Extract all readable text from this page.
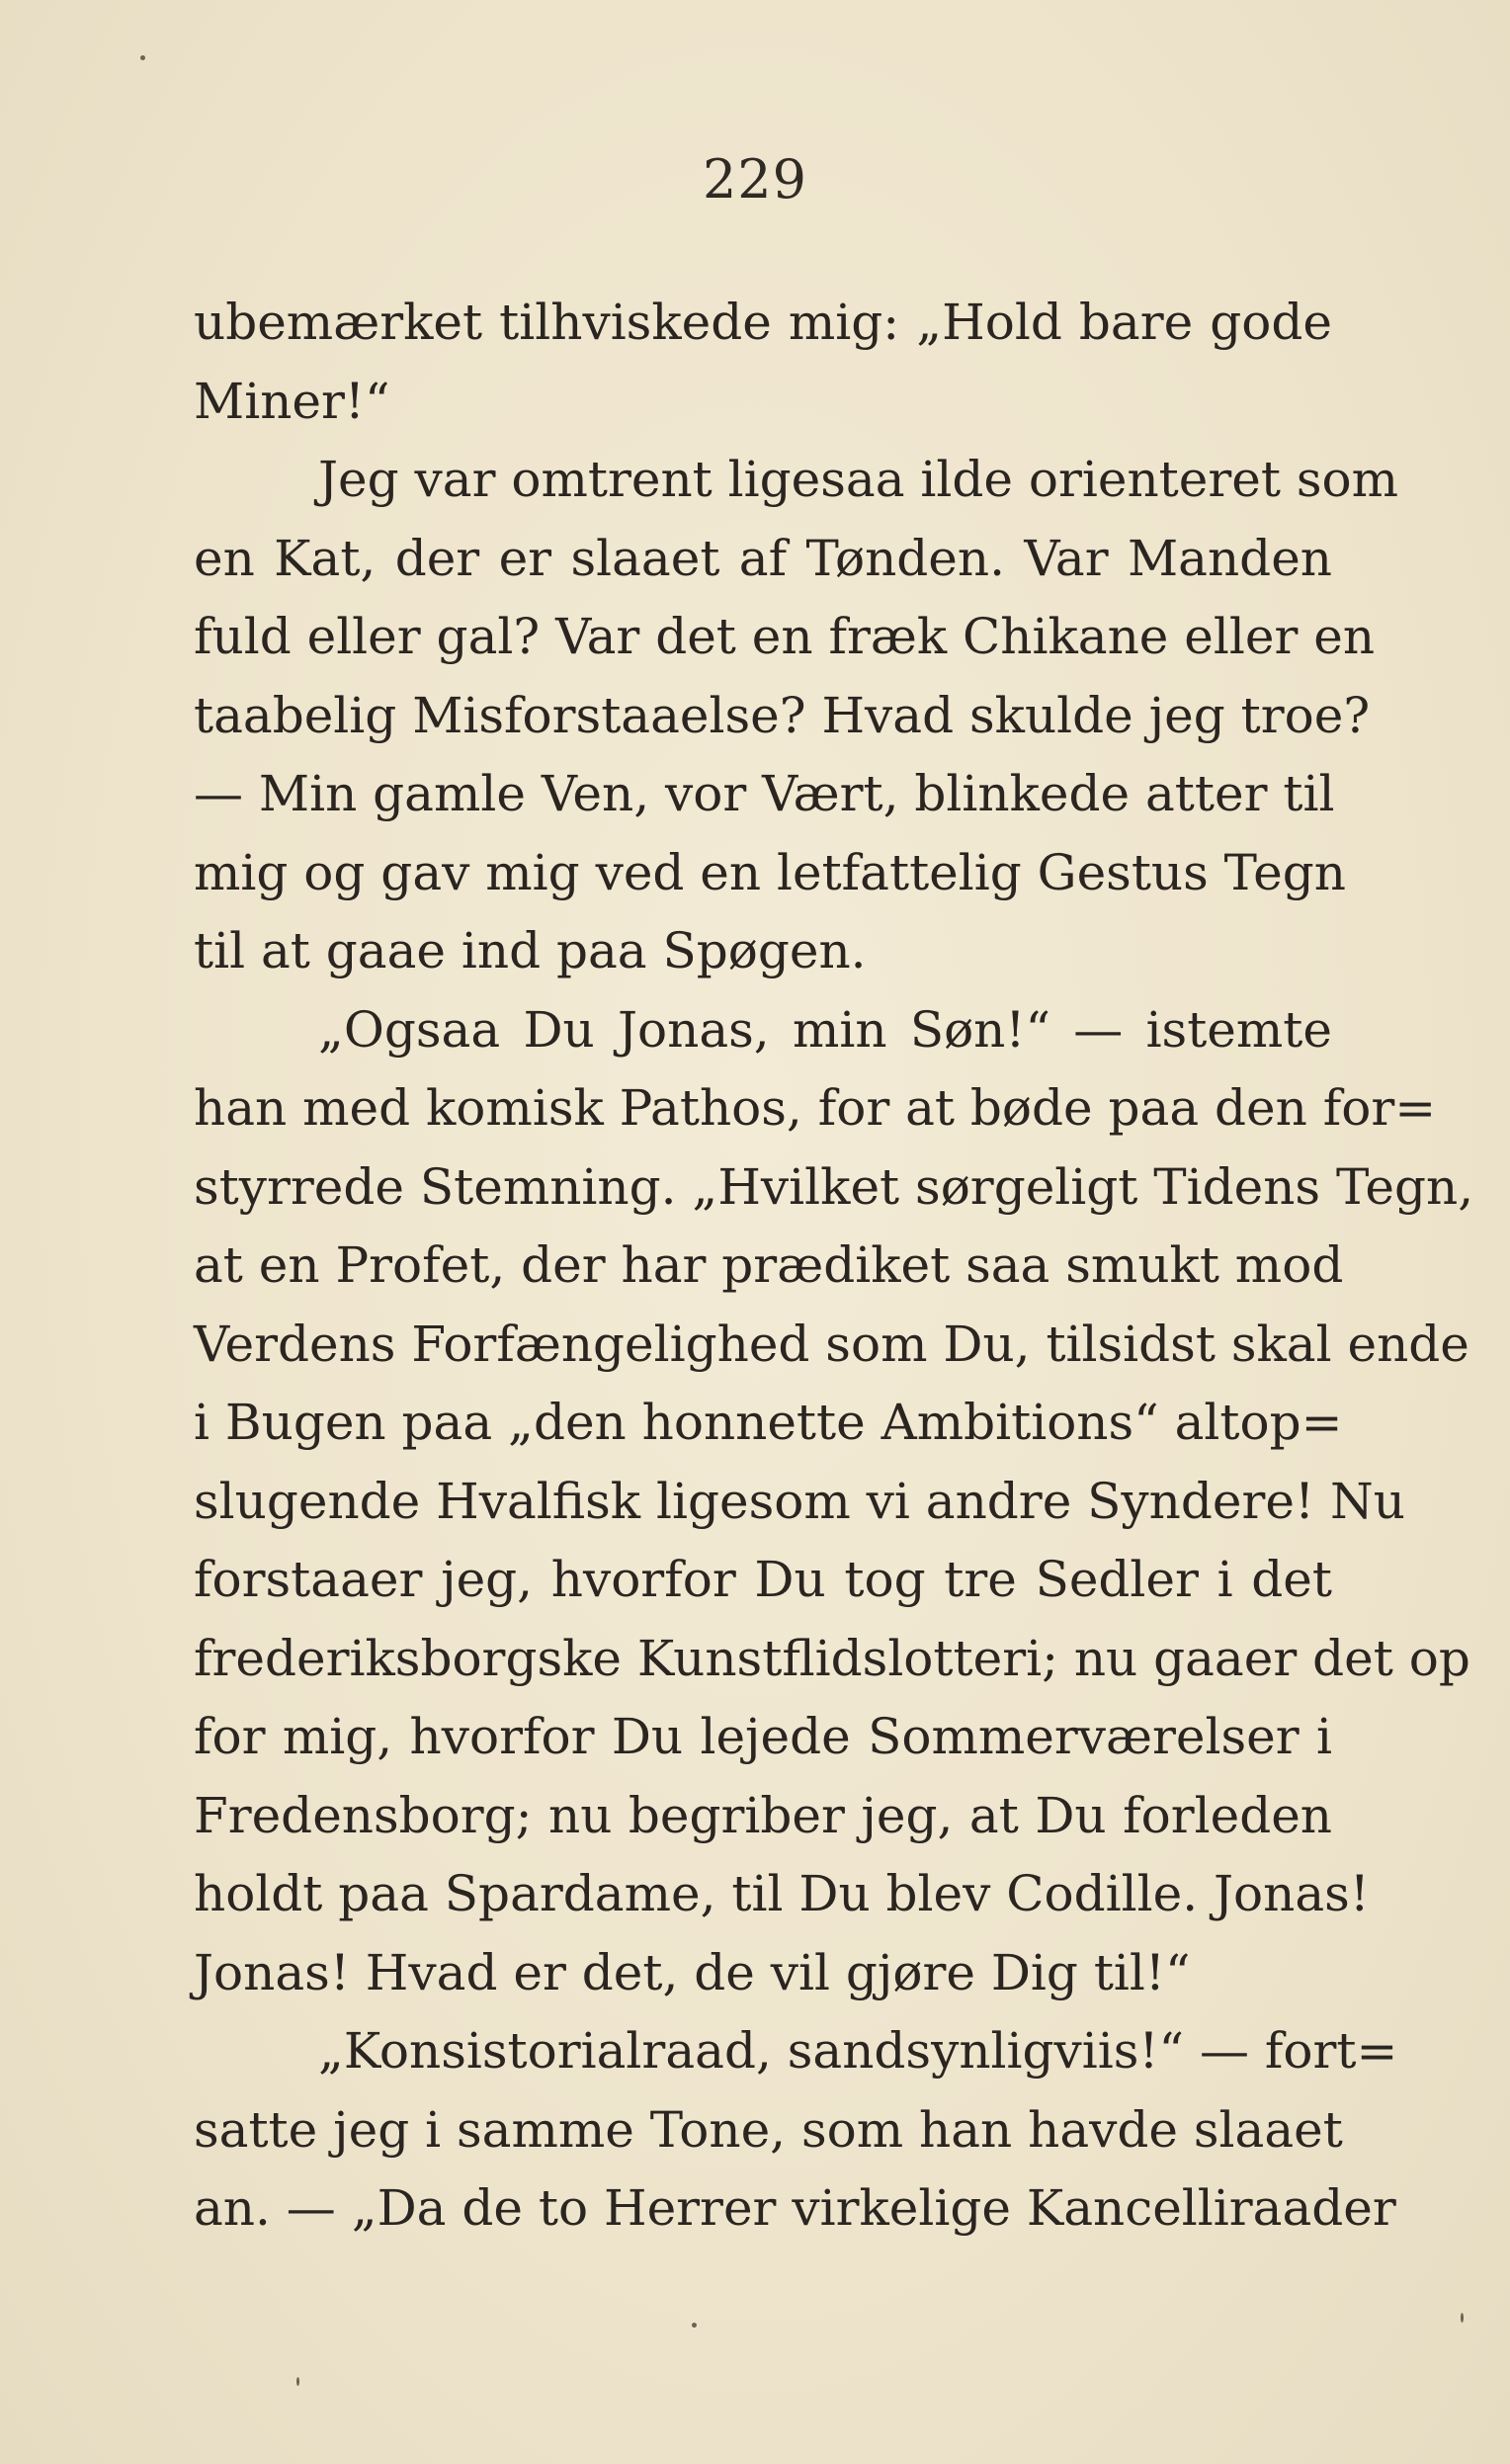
229
ubemærket tilhviskede mig: „Hold bare gode
Miner!“
Jeg var omtrent ligesaa ilde orienteret som
en Kat, der er slaaet af Tønden. Var Manden
fuld eller gal? Var det en fræk Chikane eller en
taabelig Misforstaaelse? Hvad skulde jeg troe?
— Min gamle Ven, vor Vært, blinkede atter til
mig og gav mig ved en letfattelig Gestus Tegn
til at gaae ind paa Spøgen.
„Ogsaa Du Jonas, min Søn!“ — istemte
han med komisk Pathos, for at bøde paa den for=
styrrede Stemning. „Hvilket sørgeligt Tidens Tegn,
at en Profet, der har prædiket saa smukt mod
Verdens Forfængelighed som Du, tilsidst skal ende
i Bugen paa „den honnette Ambitions“ altop=
slugende Hvalfisk ligesom vi andre Syndere! Nu
forstaaer jeg, hvorfor Du tog tre Sedler i det
frederiksborgske Kunstflidslotteri; nu gaaer det op
for mig, hvorfor Du lejede Sommerværelser i
Fredensborg; nu begriber jeg, at Du forleden
holdt paa Spardame, til Du blev Codille. Jonas!
Jonas! Hvad er det, de vil gjøre Dig til!“
„Konsistorialraad, sandsynligviis!“ — fort=
satte jeg i samme Tone, som han havde slaaet
an. — „Da de to Herrer virkelige Kancelliraader
